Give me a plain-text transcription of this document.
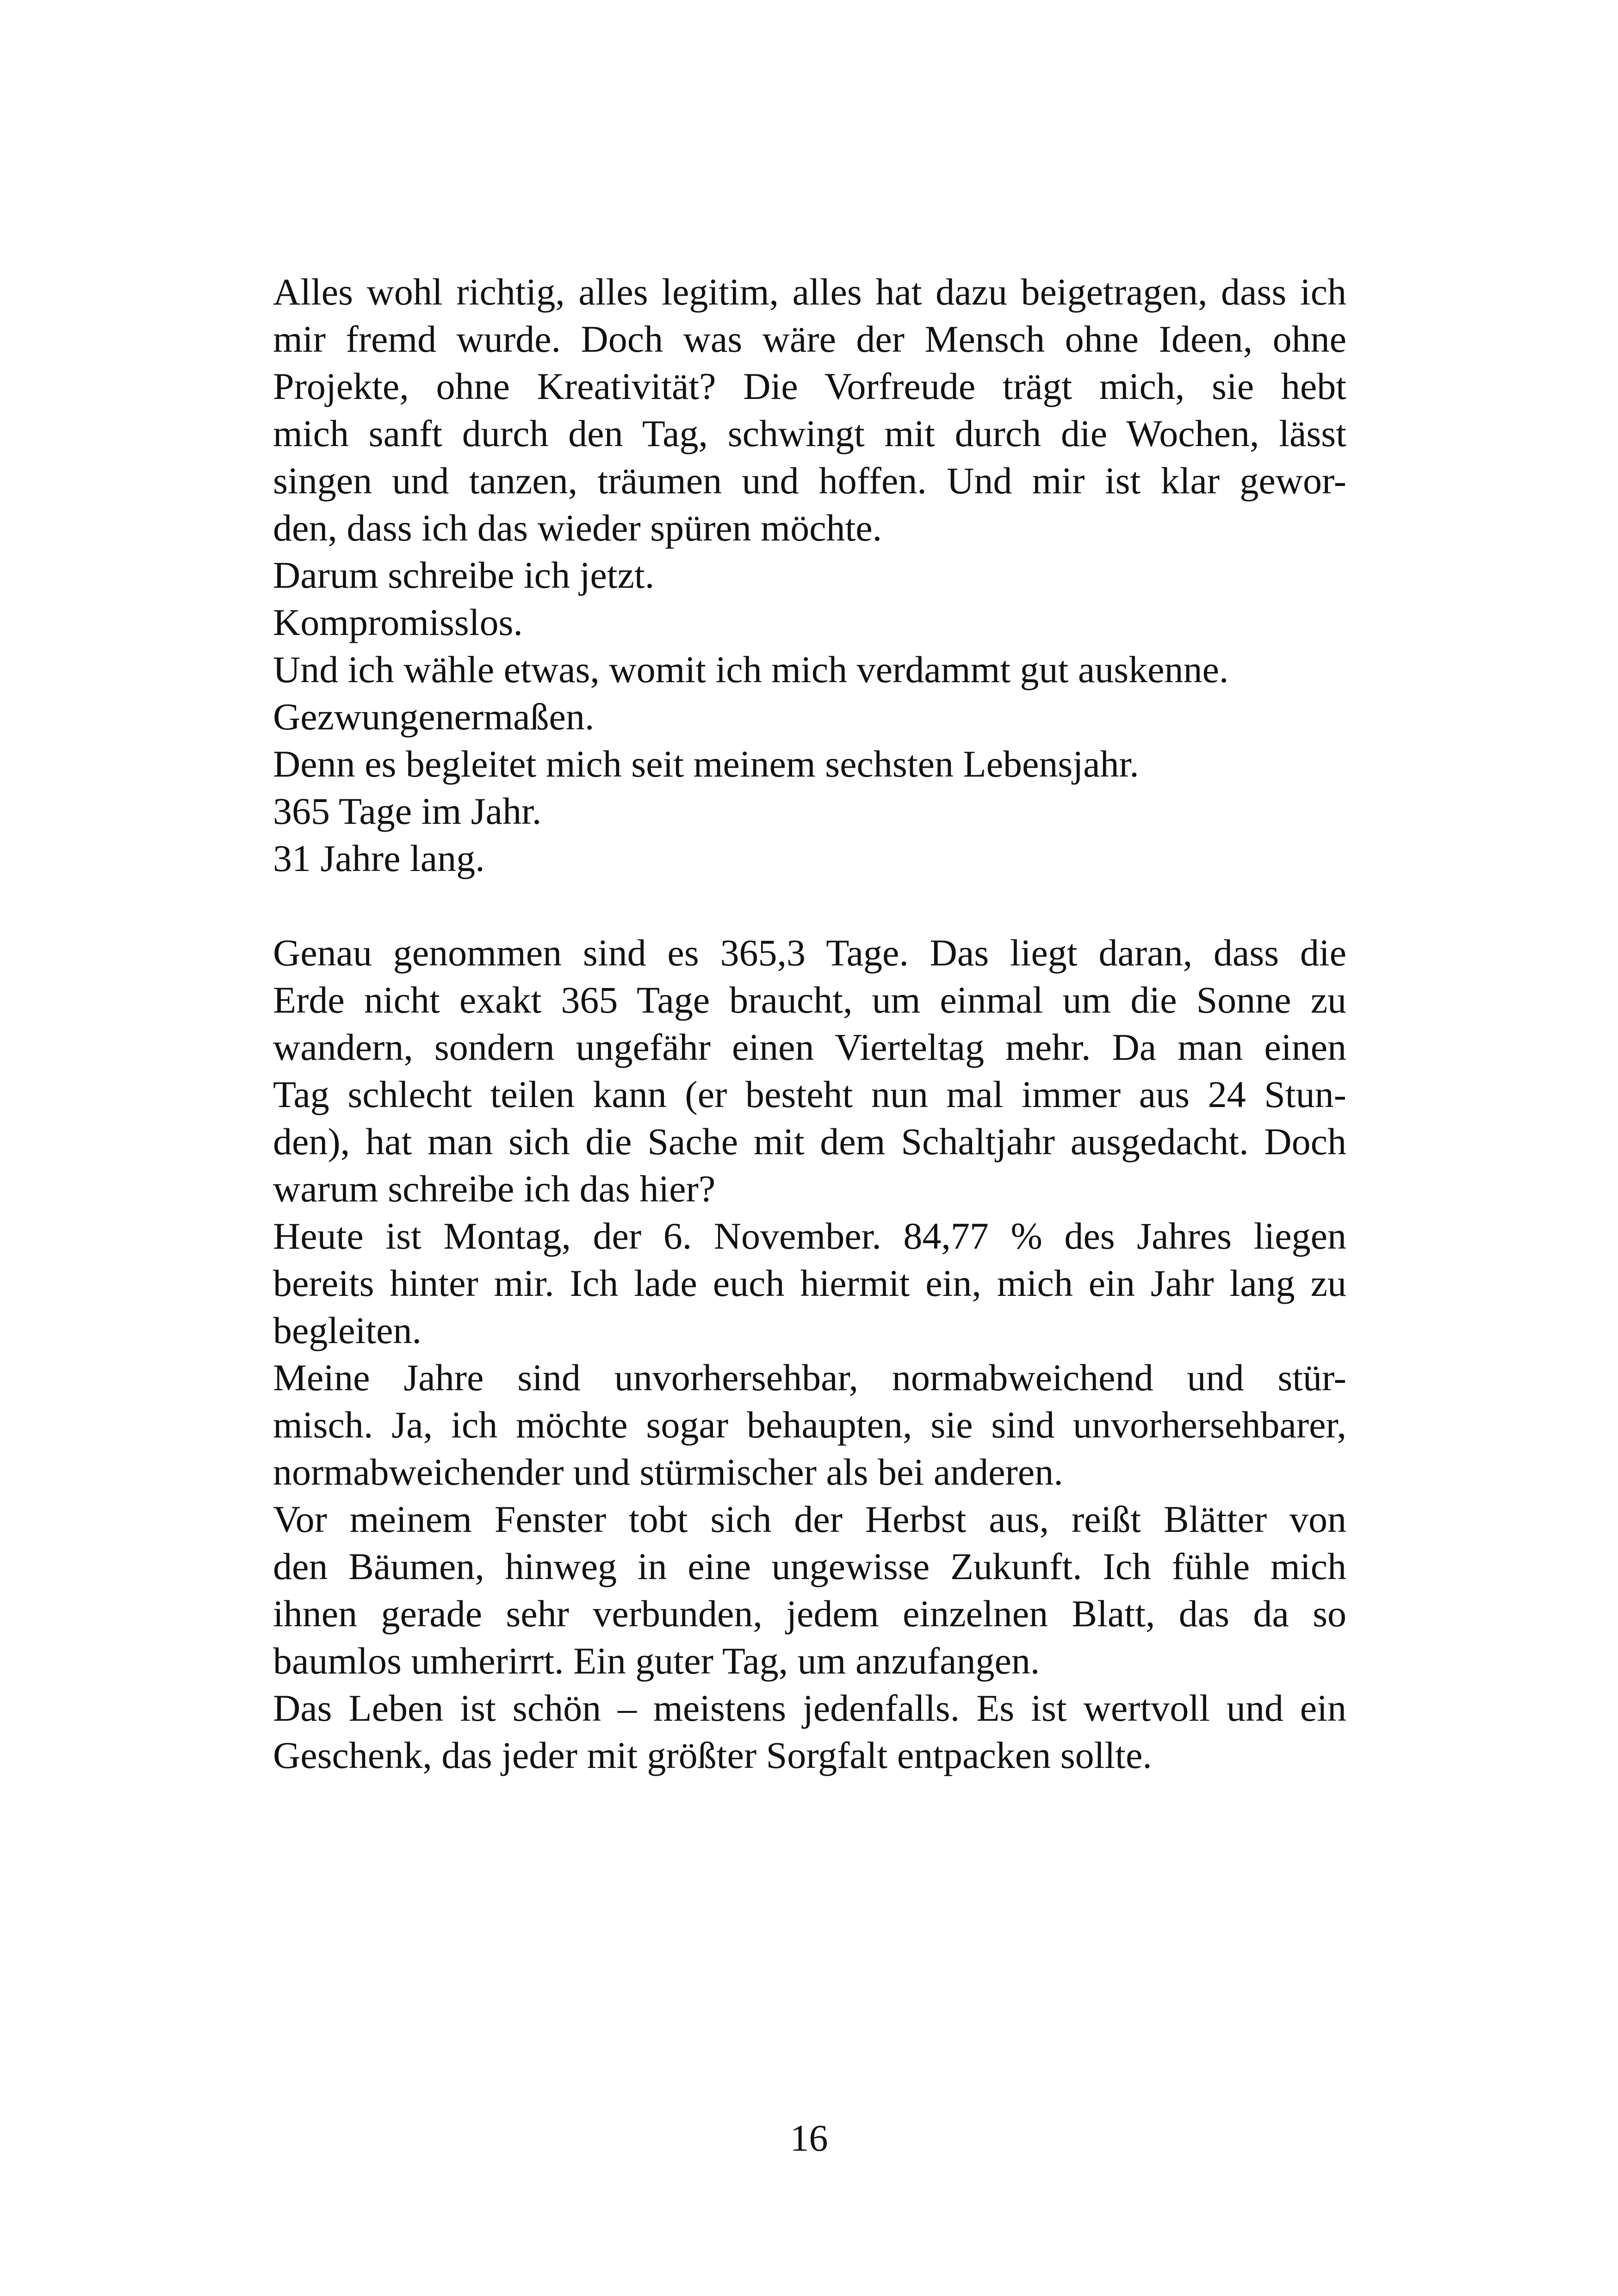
Alles wohl richtig, alles legitim, alles hat dazu beigetragen, dass ich
mir fremd wurde. Doch was wäre der Mensch ohne Ideen, ohne
Projekte, ohne Kreativität? Die Vorfreude trägt mich, sie hebt
mich sanft durch den Tag, schwingt mit durch die Wochen, lässt
singen und tanzen, träumen und hoffen. Und mir ist klar gewor-
den, dass ich das wieder spüren möchte.
Darum schreibe ich jetzt.
Kompromisslos.
Und ich wähle etwas, womit ich mich verdammt gut auskenne.
Gezwungenermaßen.
Denn es begleitet mich seit meinem sechsten Lebensjahr.
365 Tage im Jahr.
31 Jahre lang.
Genau genommen sind es 365,3 Tage. Das liegt daran, dass die
Erde nicht exakt 365 Tage braucht, um einmal um die Sonne zu
wandern, sondern ungefähr einen Vierteltag mehr. Da man einen
Tag schlecht teilen kann (er besteht nun mal immer aus 24 Stun-
den), hat man sich die Sache mit dem Schaltjahr ausgedacht. Doch
warum schreibe ich das hier?
Heute ist Montag, der 6. November. 84,77 % des Jahres liegen
bereits hinter mir. Ich lade euch hiermit ein, mich ein Jahr lang zu
begleiten.
Meine Jahre sind unvorhersehbar, normabweichend und stür-
misch. Ja, ich möchte sogar behaupten, sie sind unvorhersehbarer,
normabweichender und stürmischer als bei anderen.
Vor meinem Fenster tobt sich der Herbst aus, reißt Blätter von
den Bäumen, hinweg in eine ungewisse Zukunft. Ich fühle mich
ihnen gerade sehr verbunden, jedem einzelnen Blatt, das da so
baumlos umherirrt. Ein guter Tag, um anzufangen.
Das Leben ist schön – meistens jedenfalls. Es ist wertvoll und ein
Geschenk, das jeder mit größter Sorgfalt entpacken sollte.
16
